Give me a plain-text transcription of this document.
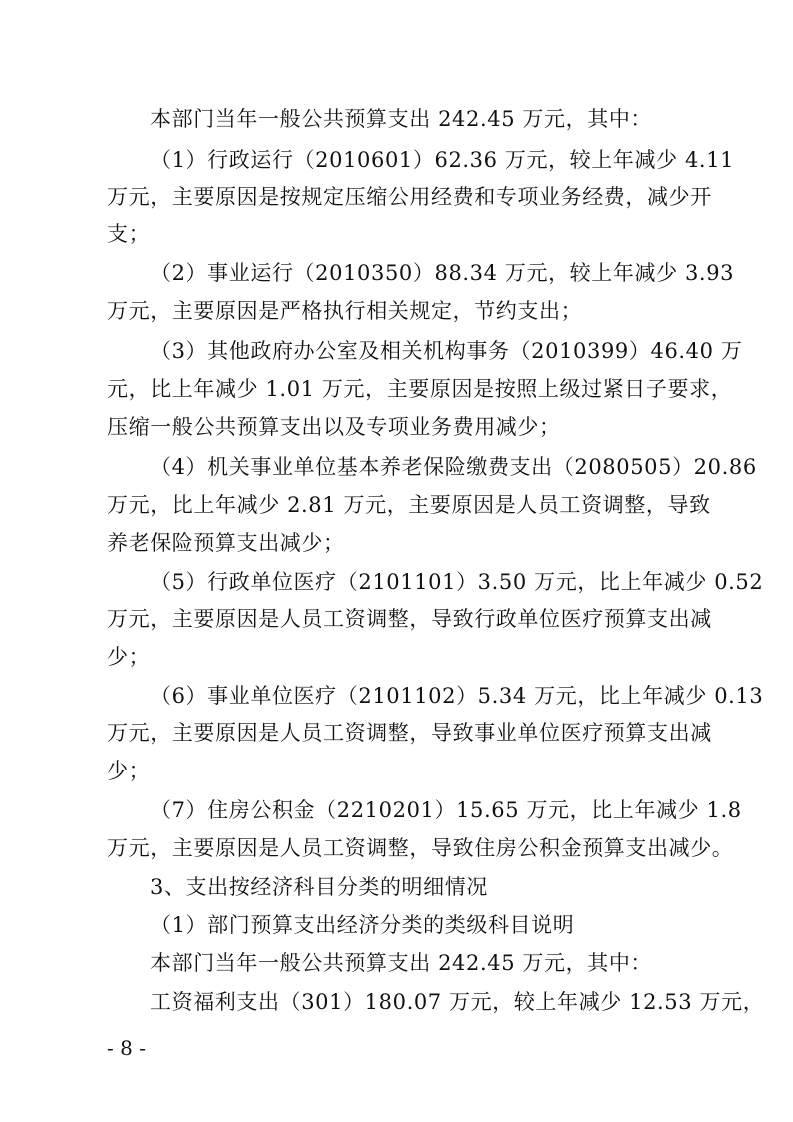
本部门当年一般公共预算支出 242.45 万元，其中：
（1）行政运行（2010601）62.36 万元，较上年减少 4.11
万元，主要原因是按规定压缩公用经费和专项业务经费，减少开
支；
（2）事业运行（2010350）88.34 万元，较上年减少 3.93
万元，主要原因是严格执行相关规定，节约支出；
（3）其他政府办公室及相关机构事务（2010399）46.40 万
元，比上年减少 1.01 万元，主要原因是按照上级过紧日子要求，
压缩一般公共预算支出以及专项业务费用减少；
（4）机关事业单位基本养老保险缴费支出（2080505）20.86
万元，比上年减少 2.81 万元，主要原因是人员工资调整，导致
养老保险预算支出减少；
（5）行政单位医疗（2101101）3.50 万元，比上年减少 0.52
万元，主要原因是人员工资调整，导致行政单位医疗预算支出减
少；
（6）事业单位医疗（2101102）5.34 万元，比上年减少 0.13
万元，主要原因是人员工资调整，导致事业单位医疗预算支出减
少；
（7）住房公积金（2210201）15.65 万元，比上年减少 1.8
万元，主要原因是人员工资调整，导致住房公积金预算支出减少。
3、支出按经济科目分类的明细情况
（1）部门预算支出经济分类的类级科目说明
本部门当年一般公共预算支出 242.45 万元，其中：
工资福利支出（301）180.07 万元，较上年减少 12.53 万元，
- 8 -
